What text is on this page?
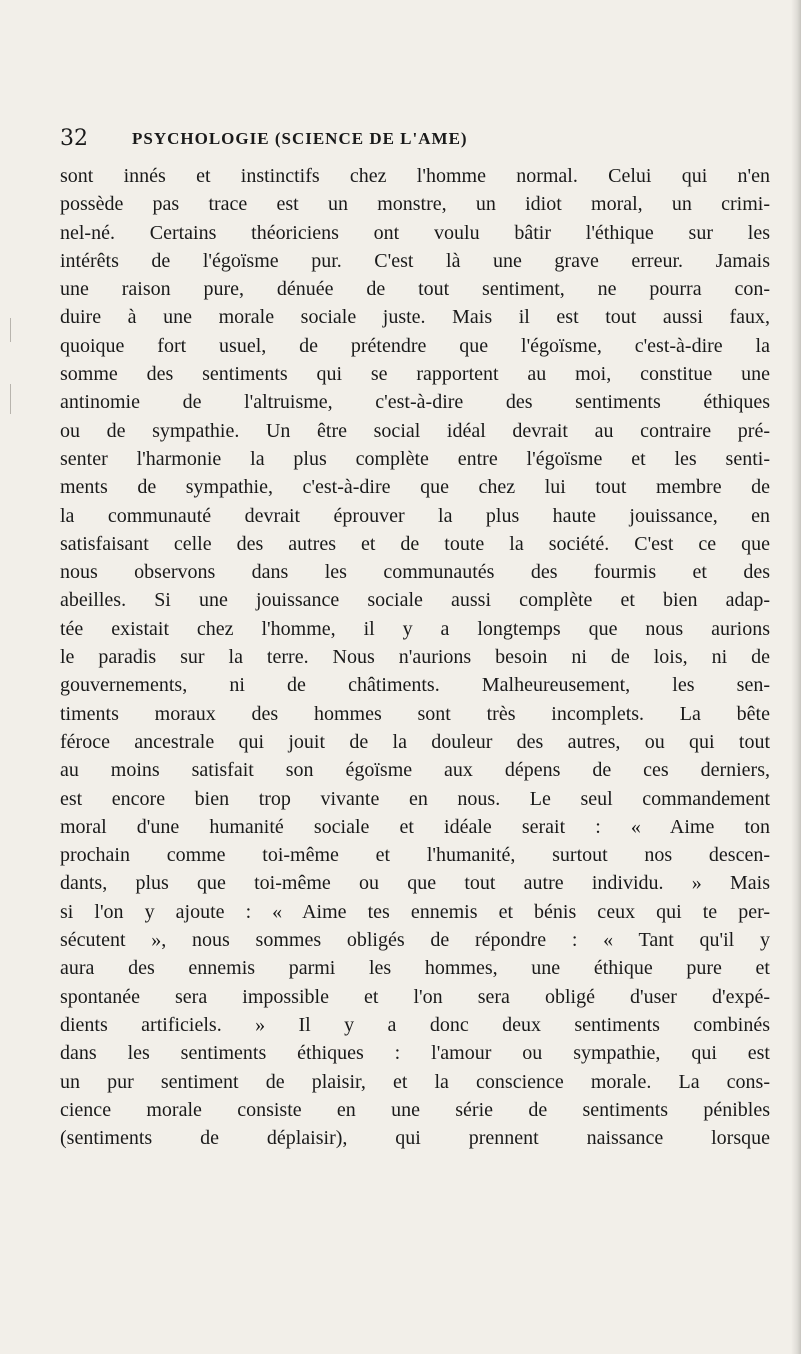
32	PSYCHOLOGIE (SCIENCE DE L'AME)
sont innés et instinctifs chez l'homme normal. Celui qui n'en
possède pas trace est un monstre, un idiot moral, un crimi-
nel-né. Certains théoriciens ont voulu bâtir l'éthique sur les
intérêts de l'égoïsme pur. C'est là une grave erreur. Jamais
une raison pure, dénuée de tout sentiment, ne pourra con-
duire à une morale sociale juste. Mais il est tout aussi faux,
quoique fort usuel, de prétendre que l'égoïsme, c'est-à-dire la
somme des sentiments qui se rapportent au moi, constitue une
antinomie de l'altruisme, c'est-à-dire des sentiments éthiques
ou de sympathie. Un être social idéal devrait au contraire pré-
senter l'harmonie la plus complète entre l'égoïsme et les senti-
ments de sympathie, c'est-à-dire que chez lui tout membre de
la communauté devrait éprouver la plus haute jouissance, en
satisfaisant celle des autres et de toute la société. C'est ce que
nous observons dans les communautés des fourmis et des
abeilles. Si une jouissance sociale aussi complète et bien adap-
tée existait chez l'homme, il y a longtemps que nous aurions
le paradis sur la terre. Nous n'aurions besoin ni de lois, ni de
gouvernements, ni de châtiments. Malheureusement, les sen-
timents moraux des hommes sont très incomplets. La bête
féroce ancestrale qui jouit de la douleur des autres, ou qui tout
au moins satisfait son égoïsme aux dépens de ces derniers,
est encore bien trop vivante en nous. Le seul commandement
moral d'une humanité sociale et idéale serait : « Aime ton
prochain comme toi-même et l'humanité, surtout nos descen-
dants, plus que toi-même ou que tout autre individu. » Mais
si l'on y ajoute : « Aime tes ennemis et bénis ceux qui te per-
sécutent », nous sommes obligés de répondre : « Tant qu'il y
aura des ennemis parmi les hommes, une éthique pure et
spontanée sera impossible et l'on sera obligé d'user d'expé-
dients artificiels. » Il y a donc deux sentiments combinés
dans les sentiments éthiques : l'amour ou sympathie, qui est
un pur sentiment de plaisir, et la conscience morale. La cons-
cience morale consiste en une série de sentiments pénibles
(sentiments de déplaisir), qui prennent naissance lorsque
